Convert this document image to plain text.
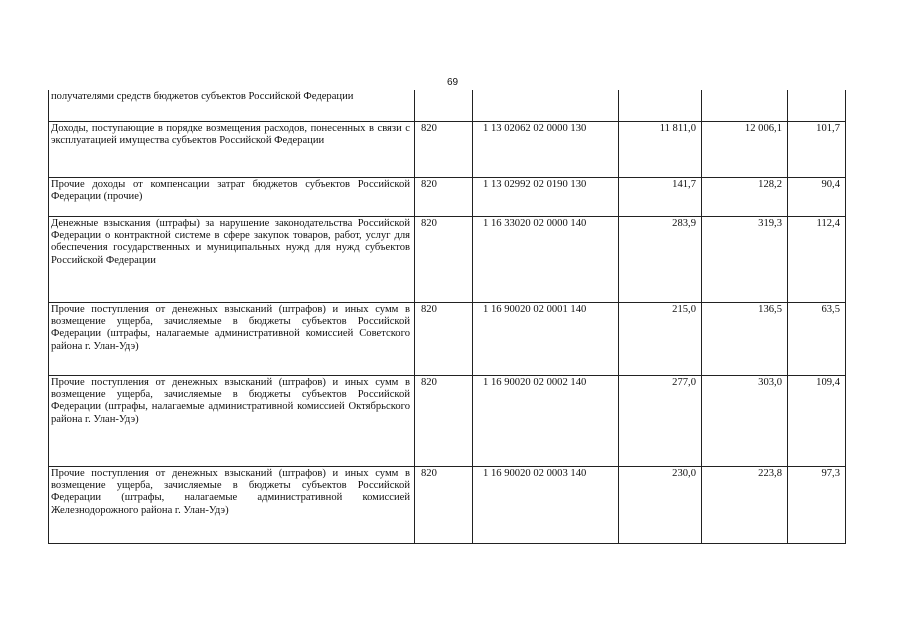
69
получателями средств бюджетов субъектов Российской Федерации					
Доходы, поступающие в порядке возмещения расходов, понесенных в связи с эксплуатацией имущества субъектов Российской Федерации	820	1 13 02062 02 0000 130	11 811,0	12 006,1	101,7
Прочие доходы от компенсации затрат бюджетов субъектов Российской Федерации (прочие)	820	1 13 02992 02 0190 130	141,7	128,2	90,4
Денежные взыскания (штрафы) за нарушение законодательства Российской Федерации о контрактной системе в сфере закупок товаров, работ, услуг для обеспечения государственных и муниципальных нужд для нужд субъектов Российской Федерации	820	1 16 33020 02 0000 140	283,9	319,3	112,4
Прочие поступления от денежных взысканий (штрафов) и иных сумм в возмещение ущерба, зачисляемые в бюджеты субъектов Российской Федерации (штрафы, налагаемые административной комиссией Советского района г. Улан-Удэ)	820	1 16 90020 02 0001 140	215,0	136,5	63,5
Прочие поступления от денежных взысканий (штрафов) и иных сумм в возмещение ущерба, зачисляемые в бюджеты субъектов Российской Федерации (штрафы, налагаемые административной комиссией Октябрьского района г. Улан-Удэ)	820	1 16 90020 02 0002 140	277,0	303,0	109,4
Прочие поступления от денежных взысканий (штрафов) и иных сумм в возмещение ущерба, зачисляемые в бюджеты субъектов Российской Федерации (штрафы, налагаемые административной комиссией Железнодорожного района г. Улан-Удэ)	820	1 16 90020 02 0003 140	230,0	223,8	97,3
